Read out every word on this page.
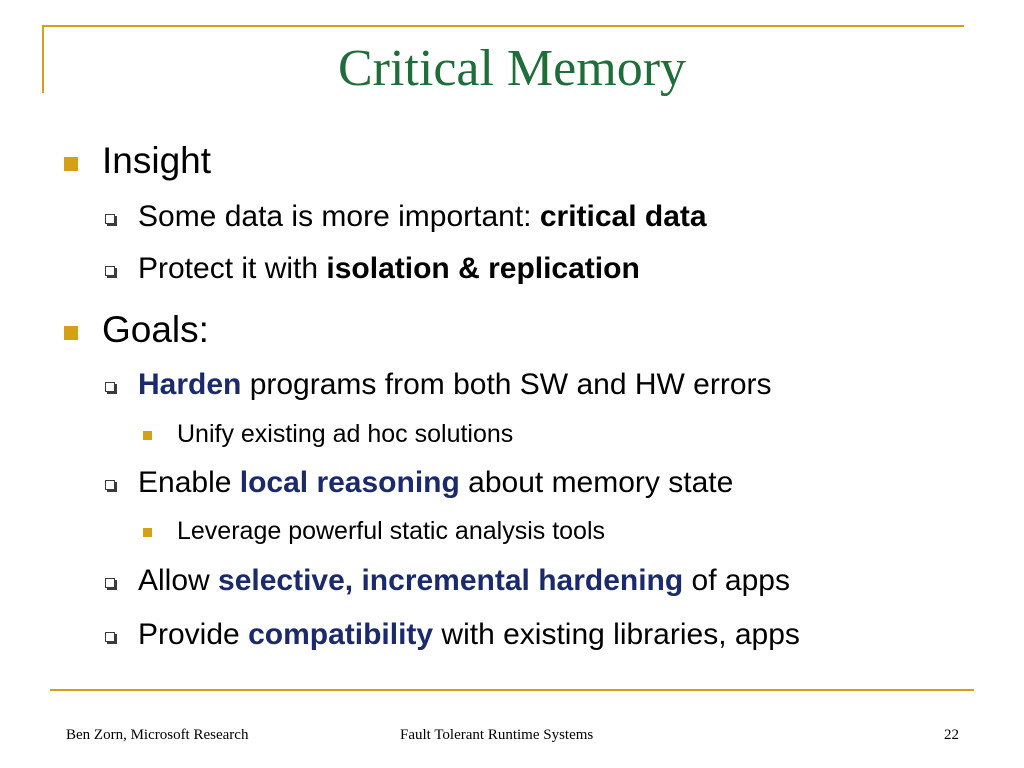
Critical Memory
Insight
Some data is more important: critical data
Protect it with isolation & replication
Goals:
Harden programs from both SW and HW errors
Unify existing ad hoc solutions
Enable local reasoning about memory state
Leverage powerful static analysis tools
Allow selective, incremental hardening of apps
Provide compatibility with existing libraries, apps
Ben Zorn, Microsoft Research	Fault Tolerant Runtime Systems	22
